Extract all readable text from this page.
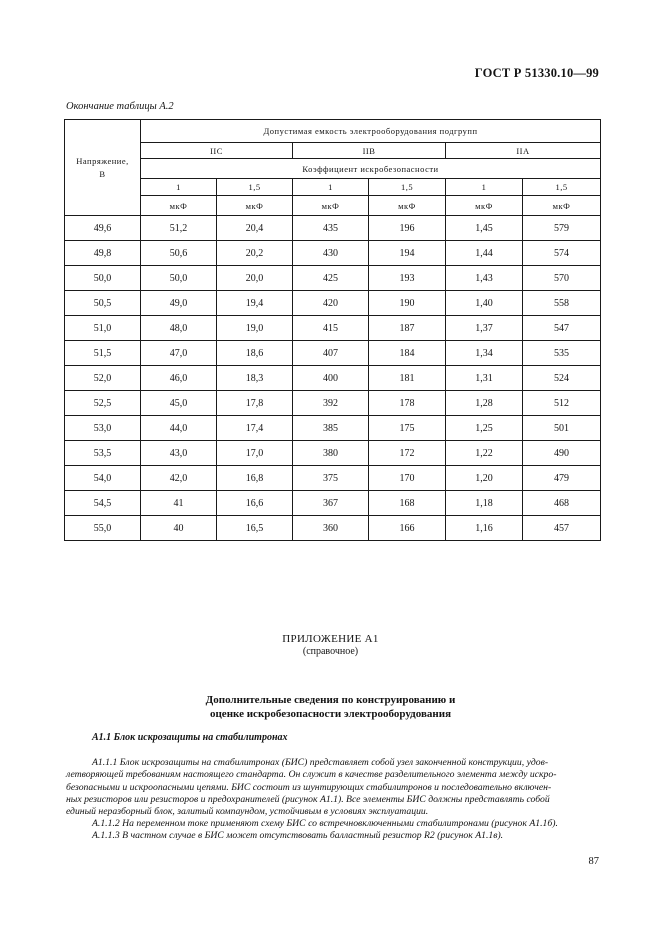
ГОСТ Р 51330.10—99
Окончание таблицы А.2
Напряжение, В	Допустимая емкость электрооборудования подгрупп					
	IIC		IIB		IIA	
	Коэффициент искробезопасности					
	1	1,5	1	1,5	1	1,5
	мкФ	мкФ	мкФ	мкФ	мкФ	мкФ
49,6	51,2	20,4	435	196	1,45	579
49,8	50,6	20,2	430	194	1,44	574
50,0	50,0	20,0	425	193	1,43	570
50,5	49,0	19,4	420	190	1,40	558
51,0	48,0	19,0	415	187	1,37	547
51,5	47,0	18,6	407	184	1,34	535
52,0	46,0	18,3	400	181	1,31	524
52,5	45,0	17,8	392	178	1,28	512
53,0	44,0	17,4	385	175	1,25	501
53,5	43,0	17,0	380	172	1,22	490
54,0	42,0	16,8	375	170	1,20	479
54,5	41	16,6	367	168	1,18	468
55,0	40	16,5	360	166	1,16	457
ПРИЛОЖЕНИЕ А1
(справочное)
Дополнительные сведения по конструированию и
оценке искробезопасности электрооборудования
А1.1 Блок искрозащиты на стабилитронах
А1.1.1 Блок искрозащиты на стабилитронах (БИС) представляет собой узел законченной конструкции, удов-
летворяющей требованиям настоящего стандарта. Он служит в качестве разделительного элемента между искро-
безопасными и искроопасными цепями. БИС состоит из шунтирующих стабилитронов и последовательно включен-
ных резисторов или резисторов и предохранителей (рисунок А1.1). Все элементы БИС должны представлять собой
единый неразборный блок, залитый компаундом, устойчивым в условиях эксплуатации.
А.1.1.2 На переменном токе применяют схему БИС со встречновключенными стабилитронами (рисунок А1.1б).
А.1.1.3 В частном случае в БИС может отсутствовать балластный резистор R2 (рисунок А1.1в).
87
